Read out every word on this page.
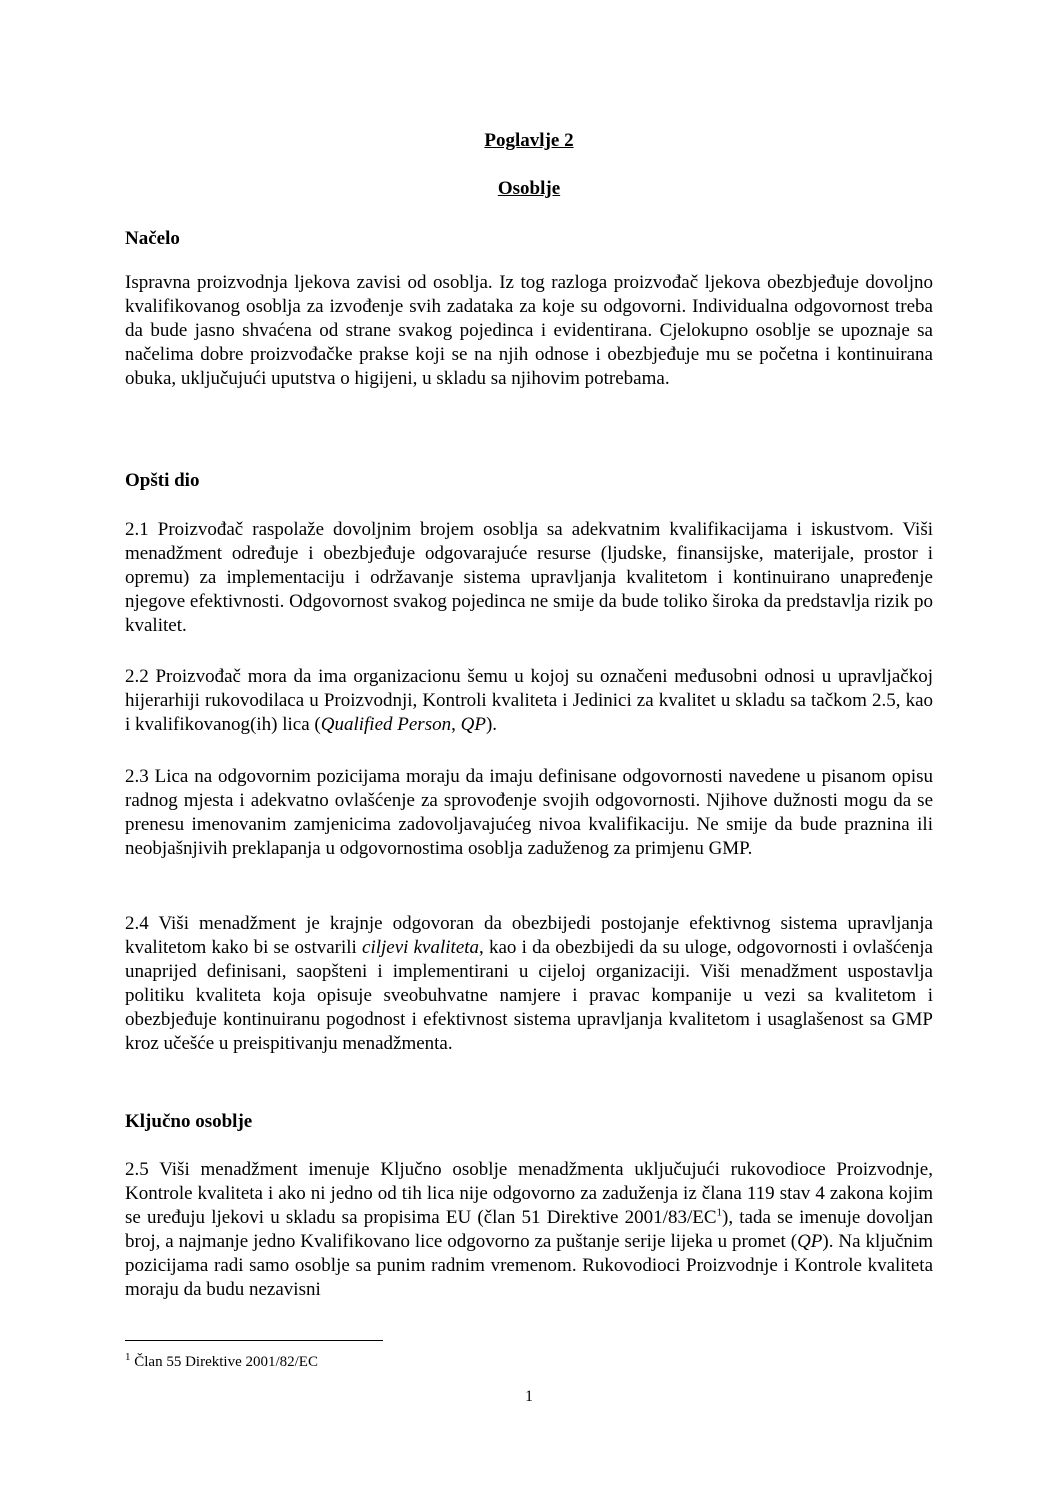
Poglavlje 2
Osoblje
Načelo
Ispravna proizvodnja ljekova zavisi od osoblja. Iz tog razloga proizvođač ljekova obezbjeđuje dovoljno kvalifikovanog osoblja za izvođenje svih zadataka za koje su odgovorni. Individualna odgovornost treba da bude jasno shvaćena od strane svakog pojedinca i evidentirana. Cjelokupno osoblje se upoznaje sa načelima dobre proizvođačke prakse koji se na njih odnose i obezbjeđuje mu se početna i kontinuirana obuka, uključujući uputstva o higijeni, u skladu sa njihovim potrebama.
Opšti dio
2.1 Proizvođač raspolaže dovoljnim brojem osoblja sa adekvatnim kvalifikacijama i iskustvom. Viši menadžment određuje i obezbjeđuje odgovarajuće resurse (ljudske, finansijske, materijale, prostor i opremu) za implementaciju i održavanje sistema upravljanja kvalitetom i kontinuirano unapređenje njegove efektivnosti. Odgovornost svakog pojedinca ne smije da bude toliko široka da predstavlja rizik po kvalitet.
2.2 Proizvođač mora da ima organizacionu šemu u kojoj su označeni međusobni odnosi u upravljačkoj hijerarhiji rukovodilaca u Proizvodnji, Kontroli kvaliteta i Jedinici za kvalitet u skladu sa tačkom 2.5, kao i kvalifikovanog(ih) lica (Qualified Person, QP).
2.3 Lica na odgovornim pozicijama moraju da imaju definisane odgovornosti navedene u pisanom opisu radnog mjesta i adekvatno ovlašćenje za sprovođenje svojih odgovornosti. Njihove dužnosti mogu da se prenesu imenovanim zamjenicima zadovoljavajućeg nivoa kvalifikaciju. Ne smije da bude praznina ili neobjašnjivih preklapanja u odgovornostima osoblja zaduženog za primjenu GMP.
2.4 Viši menadžment je krajnje odgovoran da obezbijedi postojanje efektivnog sistema upravljanja kvalitetom kako bi se ostvarili ciljevi kvaliteta, kao i da obezbijedi da su uloge, odgovornosti i ovlašćenja unaprijed definisani, saopšteni i implementirani u cijeloj organizaciji. Viši menadžment uspostavlja politiku kvaliteta koja opisuje sveobuhvatne namjere i pravac kompanije u vezi sa kvalitetom i obezbjeđuje kontinuiranu pogodnost i efektivnost sistema upravljanja kvalitetom i usaglašenost sa GMP kroz učešće u preispitivanju menadžmenta.
Ključno osoblje
2.5 Viši menadžment imenuje Ključno osoblje menadžmenta uključujući rukovodioce Proizvodnje, Kontrole kvaliteta i ako ni jedno od tih lica nije odgovorno za zaduženja iz člana 119 stav 4 zakona kojim se uređuju ljekovi u skladu sa propisima EU (član 51 Direktive $2001/83/EC^1$), tada se imenuje dovoljan broj, a najmanje jedno Kvalifikovano lice odgovorno za puštanje serije lijeka u promet (QP). Na ključnim pozicijama radi samo osoblje sa punim radnim vremenom. Rukovodioci Proizvodnje i Kontrole kvaliteta moraju da budu nezavisni
$^1$ Član 55 Direktive 2001/82/EC
1
